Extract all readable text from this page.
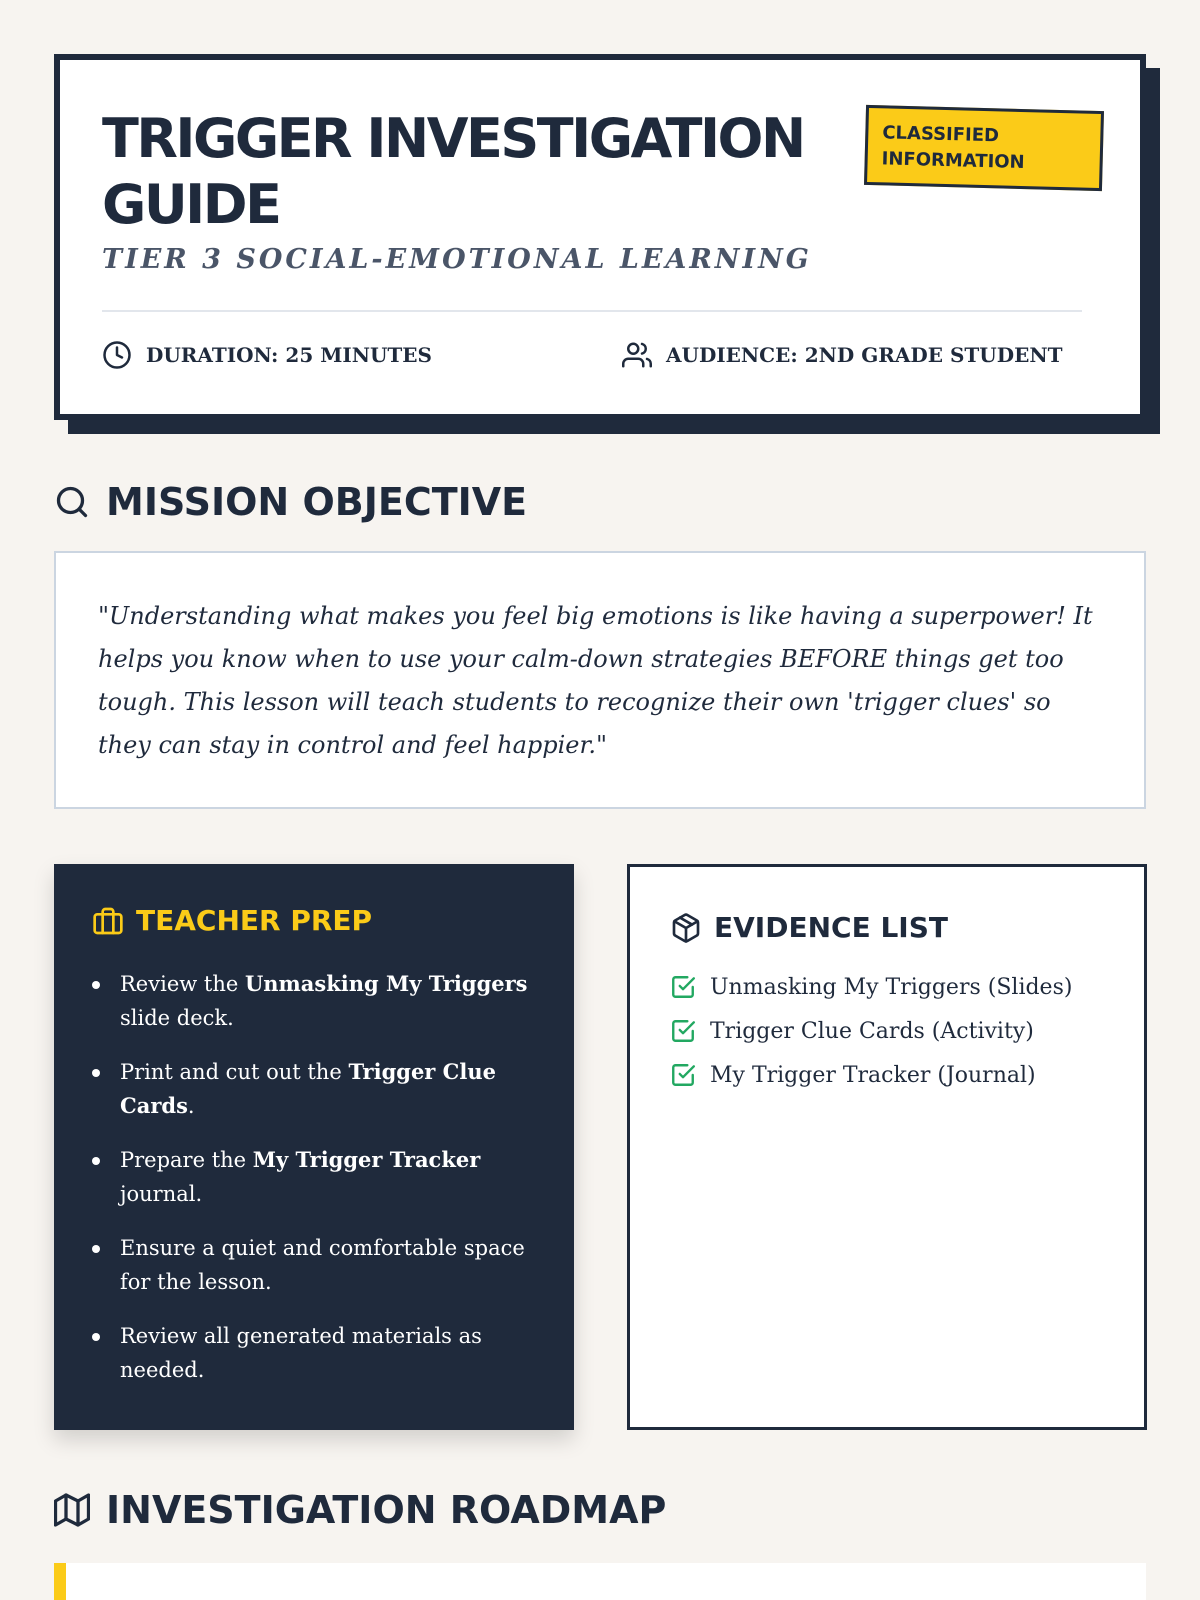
TRIGGER INVESTIGATION GUIDE
CLASSIFIED INFORMATION
TIER 3 SOCIAL-EMOTIONAL LEARNING
DURATION: 25 MINUTES	AUDIENCE: 2ND GRADE STUDENT
MISSION OBJECTIVE

"Understanding what makes you feel big emotions is like having a superpower! It helps you know when to use your calm-down strategies BEFORE things get too tough. This lesson will teach students to recognize their own 'trigger clues' so they can stay in control and feel happier."

TEACHER PREP
Review the Unmasking My Triggers slide deck.
Print and cut out the Trigger Clue Cards.
Prepare the My Trigger Tracker journal.
Ensure a quiet and comfortable space for the lesson.
Review all generated materials as needed.
EVIDENCE LIST
Unmasking My Triggers (Slides)
Trigger Clue Cards (Activity)
My Trigger Tracker (Journal)
INVESTIGATION ROADMAP
